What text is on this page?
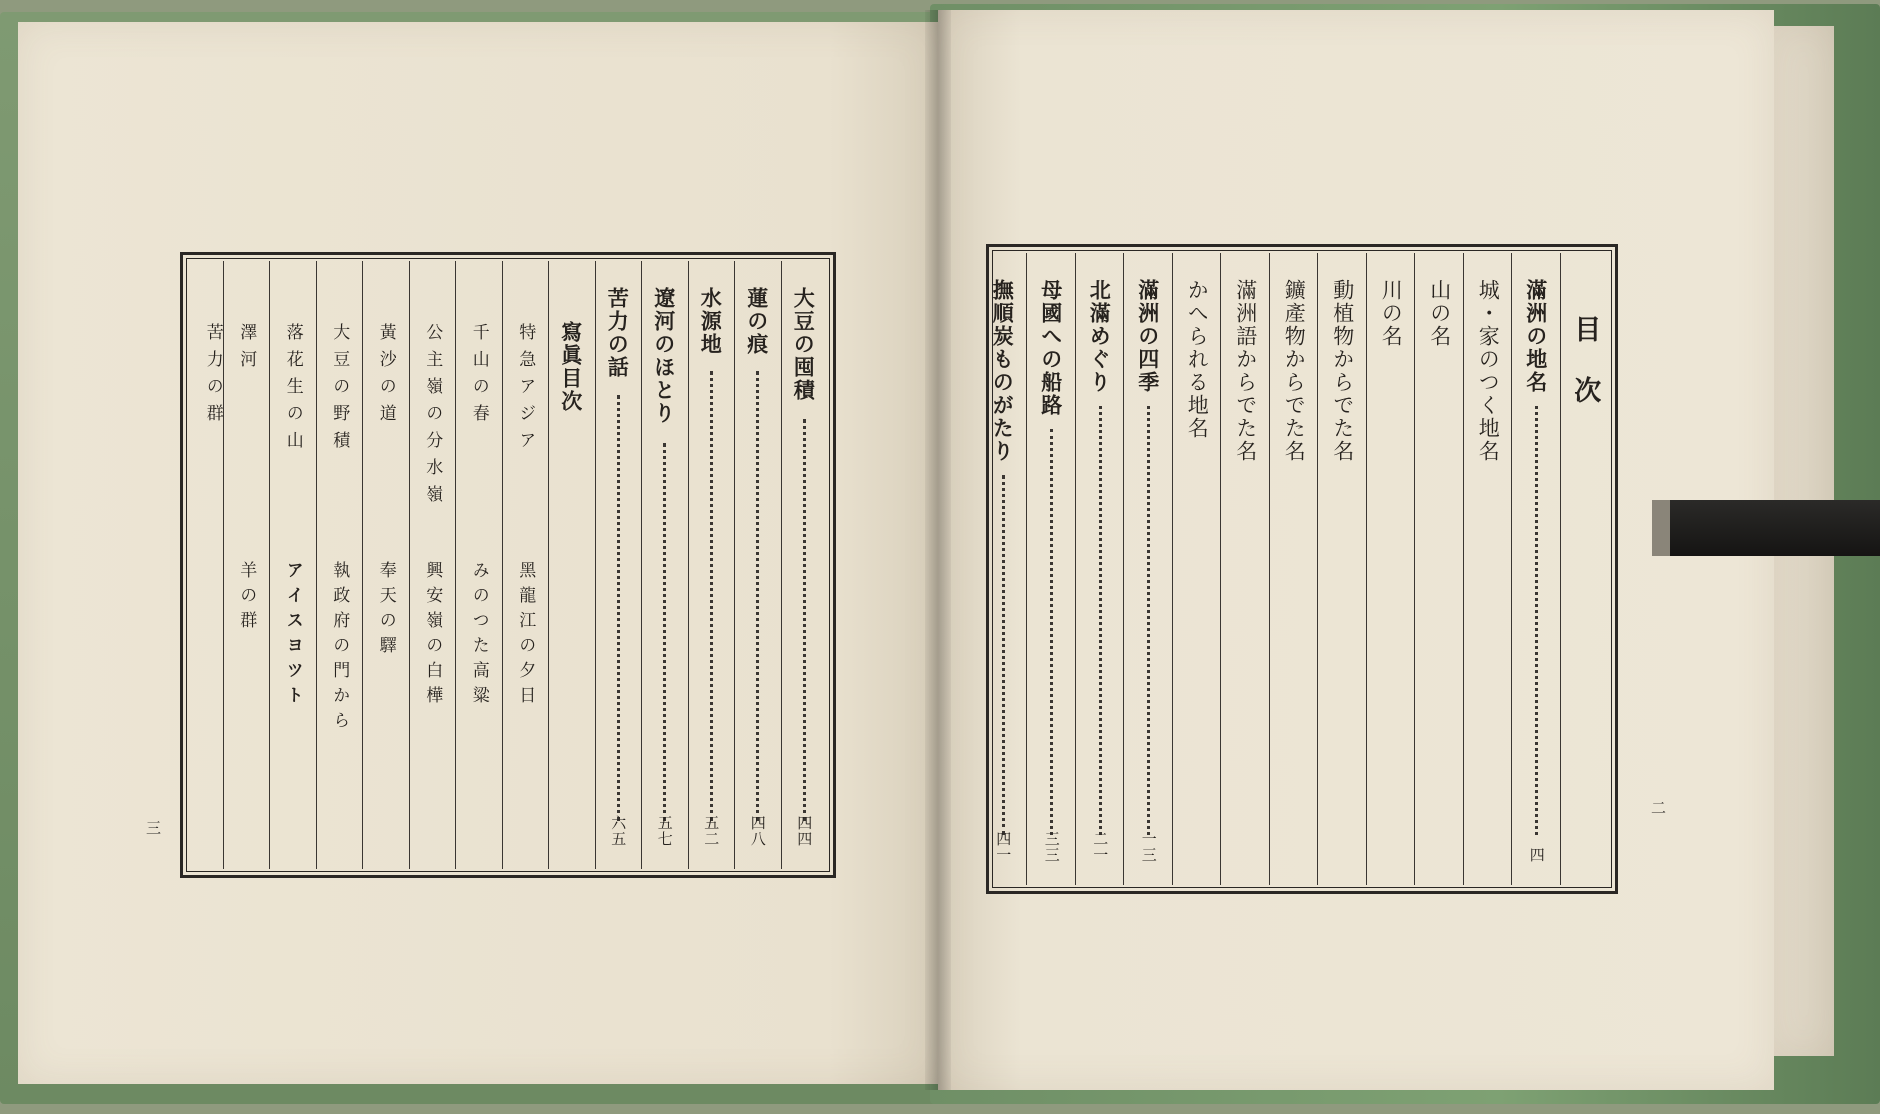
大豆の囤積
四四
蓮の痕
四八
水源地
五二
遼河のほとり
五七
苦力の話
六五
寫眞目次
特急アジア
黑龍江の夕日
千山の春
みのつた高粱
公主嶺の分水嶺
興安嶺の白樺
黃沙の道
奉天の驛
大豆の野積
執政府の門から
落花生の山
アイスヨツト
澤河
羊の群
苦力の群
三
目次
四
滿洲の地名
城・家のつく地名
山の名
川の名
動植物からでた名
鑛產物からでた名
滿洲語からでた名
かへられる地名
一三
滿洲の四季
二一
北滿めぐり
三三
母國への船路
四一
撫順炭ものがたり
二
